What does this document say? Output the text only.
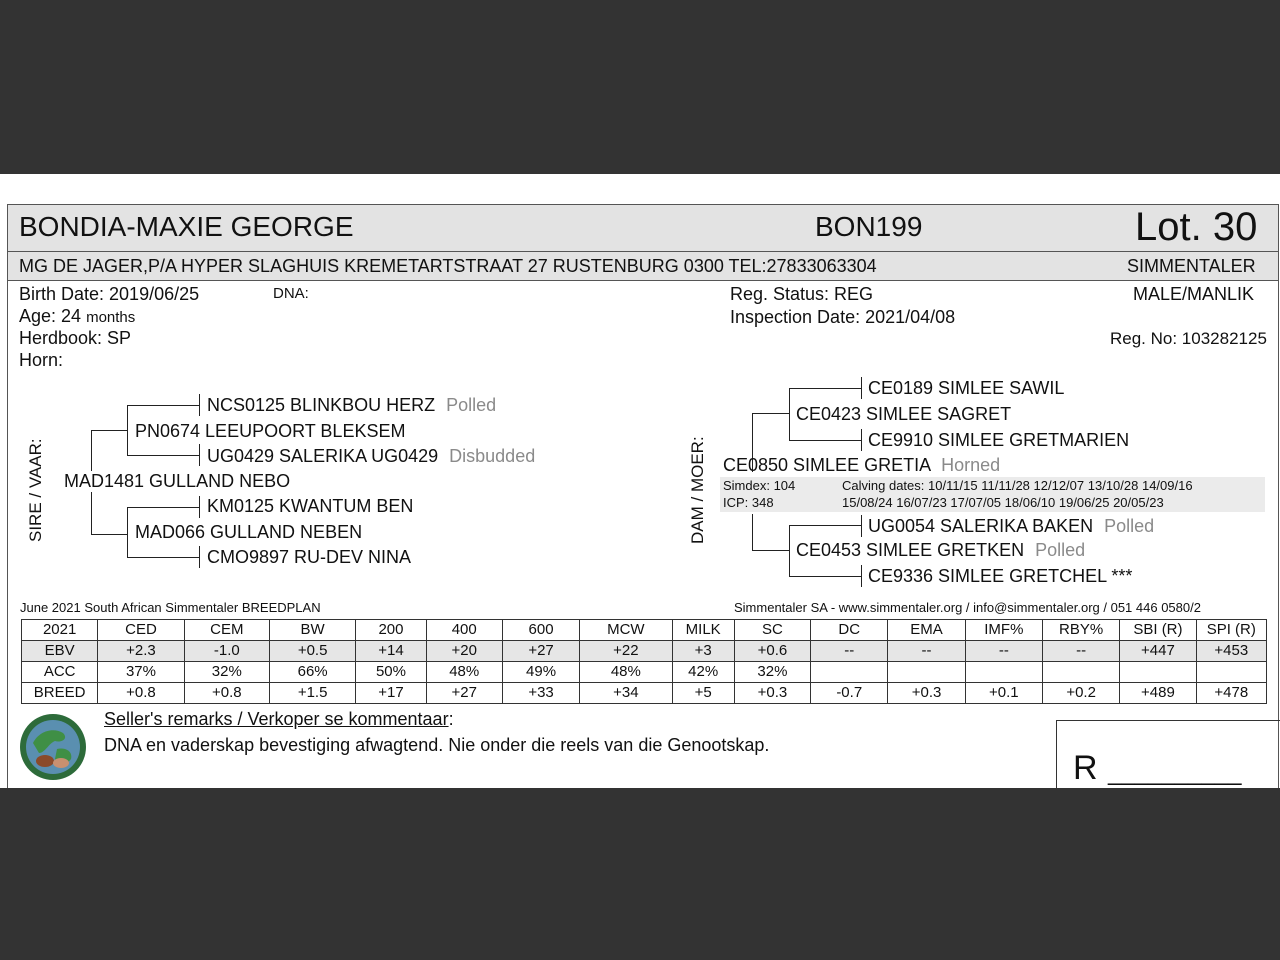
BONDIA-MAXIE GEORGE	BON199	Lot. 30
MG DE JAGER,P/A HYPER SLAGHUIS KREMETARTSTRAAT 27 RUSTENBURG 0300 TEL:27833063304	SIMMENTALER
Birth Date: 2019/06/25	DNA:
Age: 24 months
Herdbook: SP
Horn:
Reg. Status: REG
Inspection Date: 2021/04/08
MALE/MANLIK
Reg. No: 103282125
SIRE / VAAR:
NCS0125 BLINKBOU HERZ Polled
PN0674 LEEUPOORT BLEKSEM
UG0429 SALERIKA UG0429 Disbudded
MAD1481 GULLAND NEBO
KM0125 KWANTUM BEN
MAD066 GULLAND NEBEN
CMO9897 RU-DEV NINA
DAM / MOER:
CE0189 SIMLEE SAWIL
CE0423 SIMLEE SAGRET
CE9910 SIMLEE GRETMARIEN
CE0850 SIMLEE GRETIA Horned
Simdex: 104
ICP: 348
Calving dates: 10/11/15 11/11/28 12/12/07 13/10/28 14/09/16
15/08/24 16/07/23 17/07/05 18/06/10 19/06/25 20/05/23
UG0054 SALERIKA BAKEN Polled
CE0453 SIMLEE GRETKEN Polled
CE9336 SIMLEE GRETCHEL ***
June 2021 South African Simmentaler BREEDPLAN	Simmentaler SA - www.simmentaler.org / info@simmentaler.org / 051 446 0580/2
2021	CED	CEM	BW	200	400	600	MCW	MILK	SC	DC	EMA	IMF%	RBY%	SBI (R)	SPI (R)
EBV	+2.3	-1.0	+0.5	+14	+20	+27	+22	+3	+0.6	--	--	--	--	+447	+453
ACC	37%	32%	66%	50%	48%	49%	48%	42%	32%						
BREED	+0.8	+0.8	+1.5	+17	+27	+33	+34	+5	+0.3	-0.7	+0.3	+0.1	+0.2	+489	+478
Seller's remarks / Verkoper se kommentaar:
DNA en vaderskap bevestiging afwagtend. Nie onder die reels van die Genootskap.
R __________
